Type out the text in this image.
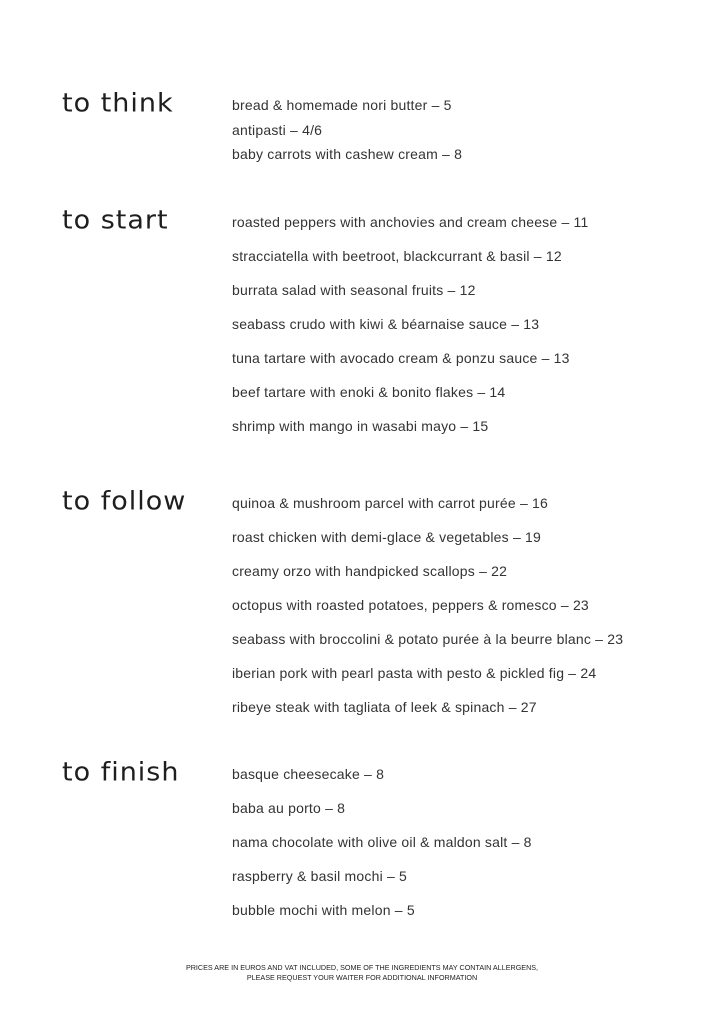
to think	bread & homemade nori butter – 5
antipasti – 4/6
baby carrots with cashew cream – 8
to start	roasted peppers with anchovies and cream cheese – 11
stracciatella with beetroot, blackcurrant & basil – 12
burrata salad with seasonal fruits – 12
seabass crudo with kiwi & béarnaise sauce – 13
tuna tartare with avocado cream & ponzu sauce – 13
beef tartare with enoki & bonito flakes – 14
shrimp with mango in wasabi mayo – 15
to follow	quinoa & mushroom parcel with carrot purée – 16
roast chicken with demi-glace & vegetables – 19
creamy orzo with handpicked scallops – 22
octopus with roasted potatoes, peppers & romesco – 23
seabass with broccolini & potato purée à la beurre blanc – 23
iberian pork with pearl pasta with pesto & pickled fig – 24
ribeye steak with tagliata of leek & spinach – 27
to finish	basque cheesecake – 8
baba au porto – 8
nama chocolate with olive oil & maldon salt – 8
raspberry & basil mochi – 5
bubble mochi with melon – 5
PRICES ARE IN EUROS AND VAT INCLUDED, SOME OF THE INGREDIENTS MAY CONTAIN ALLERGENS,
PLEASE REQUEST YOUR WAITER FOR ADDITIONAL INFORMATION
